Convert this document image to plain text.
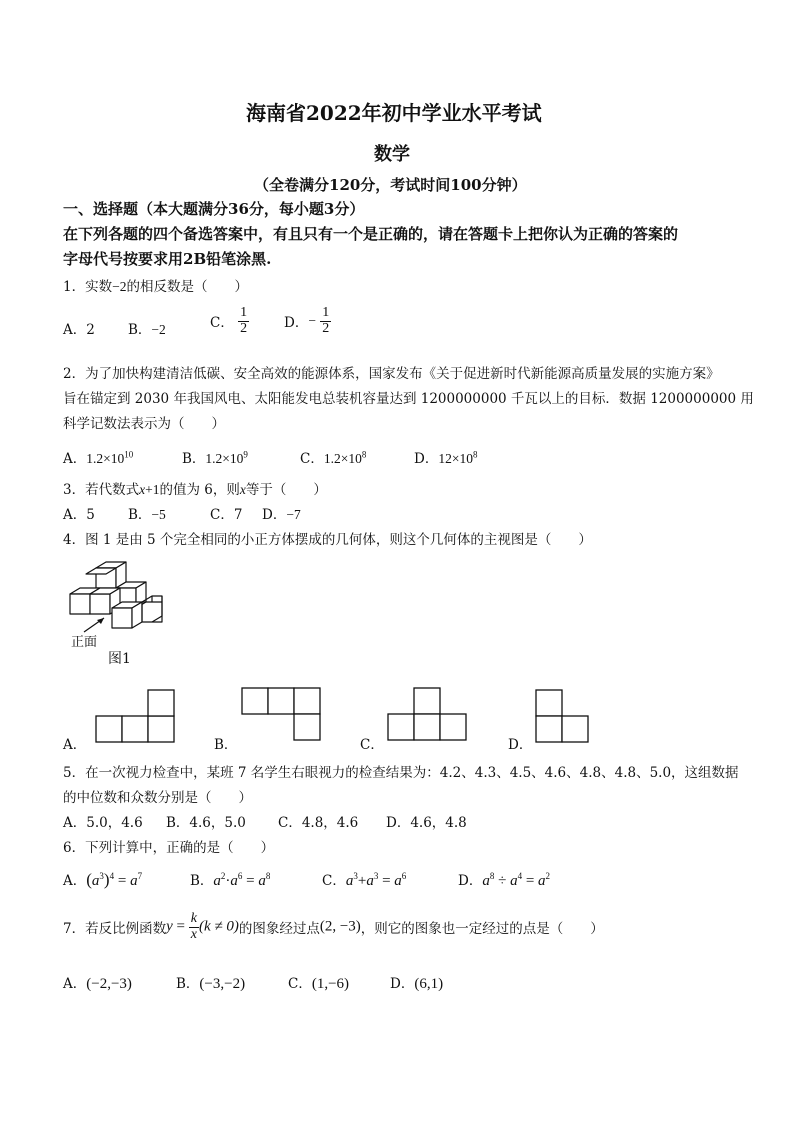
海南省2022年初中学业水平考试
数学
（全卷满分120分，考试时间100分钟）
一、选择题（本大题满分36分，每小题3分）
在下列各题的四个备选答案中，有且只有一个是正确的，请在答题卡上把你认为正确的答案的
字母代号按要求用2B铅笔涂黑.
1．实数−2的相反数是（　　）
A．2 B．−2	C． $\frac{1}{2}$	D．− $\frac{1}{2}$
2．为了加快构建清洁低碳、安全高效的能源体系，国家发布《关于促进新时代新能源高质量发展的实施方案》
旨在锚定到 2030 年我国风电、太阳能发电总装机容量达到 1200000000 千瓦以上的目标．数据 1200000000 用
科学记数法表示为（　　）
A．$1.2\times 10^{10}$	B．$1.2\times 10^9$	C．$1.2\times 10^8$	D．$12\times 10^8$
3．若代数式x+1的值为 6，则x等于（　　）
A．5 B．−5	C．7 D．−7
4．图 1 是由 5 个完全相同的小正方体摆成的几何体，则这个几何体的主视图是（　　）
正面
图1
A．	B．	C．	D．
5．在一次视力检查中，某班 7 名学生右眼视力的检查结果为：4.2、4.3、4.5、4.6、4.8、4.8、5.0，这组数据
的中位数和众数分别是（　　）
A．5.0，4.6 B．4.6，5.0 C．4.8，4.6 D．4.6，4.8
6．下列计算中，正确的是（　　）
A．$(a^3)^4 = a^7$	B．$a^2\cdot a^6 = a^8$	C．$a^3+a^3 = a^6$	D．$a^8 \div a^4 = a^2$
7．若反比例函数$y = \frac{k}{x} (k \ne 0)$的图象经过点(2, −3)，则它的图象也一定经过的点是（　　）
A．(−2,−3)	B．(−3,−2)	C．(1,−6)	D．(6,1)
